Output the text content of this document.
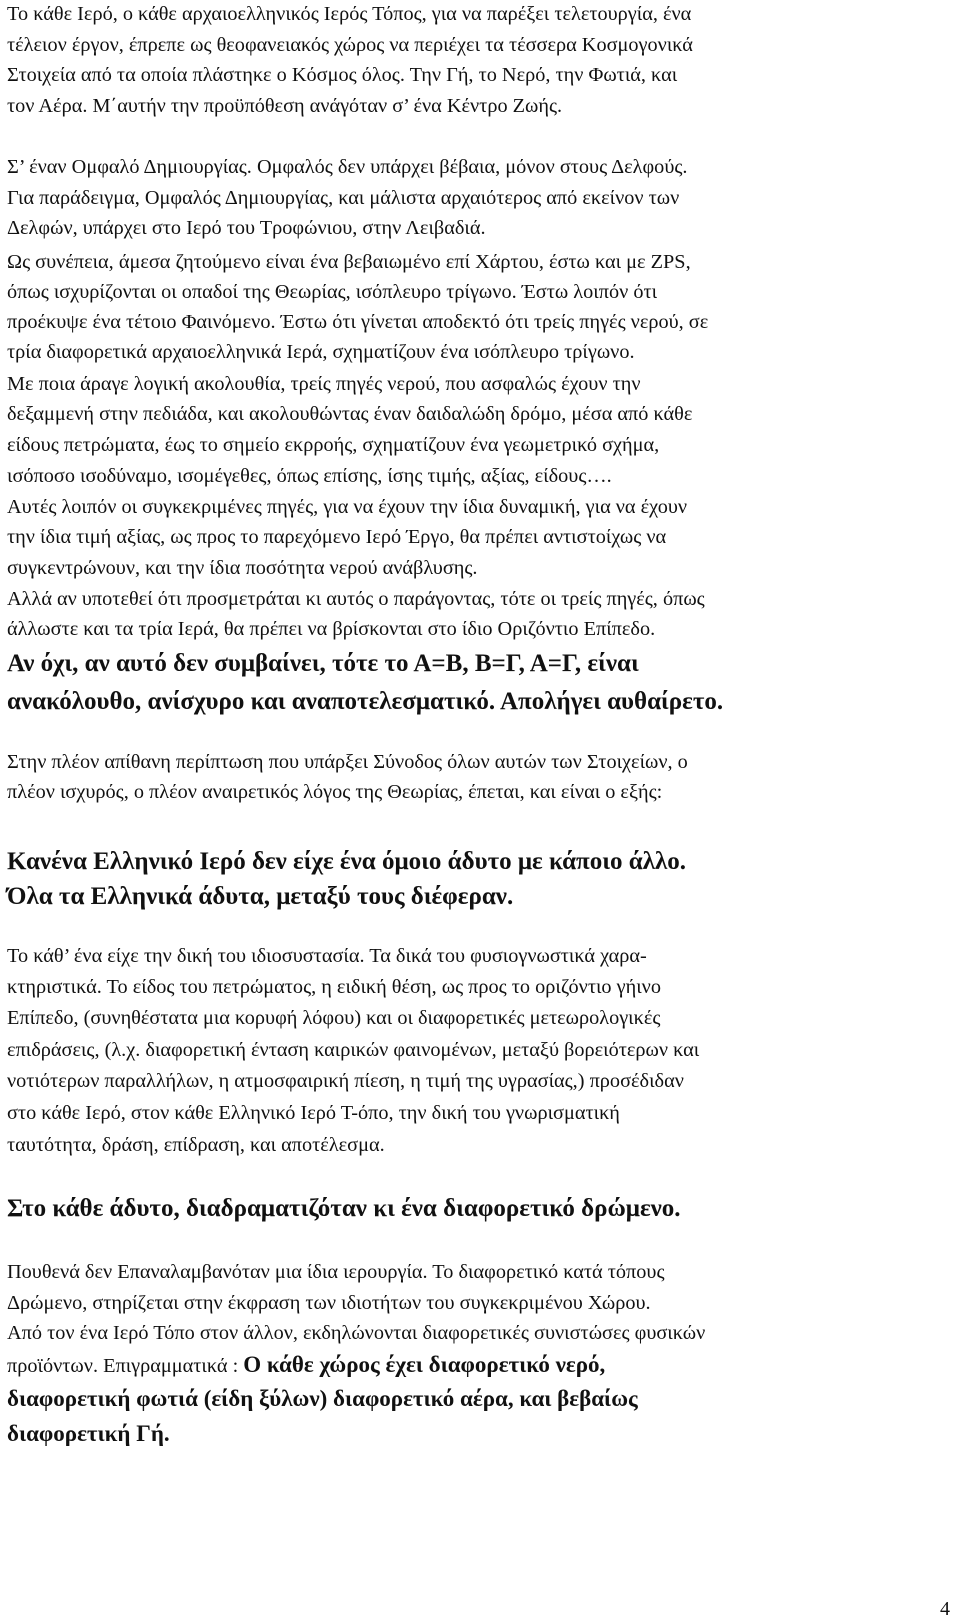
Το κάθε Ιερό, ο κάθε αρχαιοελληνικός Ιερός Τόπος, για να παρέξει τελετουργία, ένα
τέλειον έργον, έπρεπε ως θεοφανειακός χώρος να περιέχει τα τέσσερα Κοσμογονικά
Στοιχεία από τα οποία πλάστηκε ο Κόσμος όλος. Την Γή, το Νερό, την Φωτιά, και
τον Αέρα. Μ΄αυτήν την προϋπόθεση ανάγόταν σ’ ένα Κέντρο Ζωής.
Σ’ έναν Ομφαλό Δημιουργίας. Ομφαλός δεν υπάρχει βέβαια, μόνον στους Δελφούς.
Για παράδειγμα, Ομφαλός Δημιουργίας, και μάλιστα αρχαιότερος από εκείνον των
Δελφών, υπάρχει στο Ιερό του Τροφώνιου, στην Λειβαδιά.
Ως συνέπεια, άμεσα ζητούμενο είναι ένα βεβαιωμένο επί Χάρτου, έστω και με ZPS,
όπως ισχυρίζονται οι οπαδοί της Θεωρίας, ισόπλευρο τρίγωνο. Έστω λοιπόν ότι
προέκυψε ένα τέτοιο Φαινόμενο. Έστω ότι γίνεται αποδεκτό ότι τρείς πηγές νερού, σε
τρία διαφορετικά αρχαιοελληνικά Ιερά, σχηματίζουν ένα ισόπλευρο τρίγωνο.
Με ποια άραγε λογική ακολουθία, τρείς πηγές νερού, που ασφαλώς έχουν την
δεξαμμενή στην πεδιάδα, και ακολουθώντας έναν δαιδαλώδη δρόμο, μέσα από κάθε
είδους πετρώματα, έως το σημείο εκρροής, σχηματίζουν ένα γεωμετρικό σχήμα,
ισόποσο ισοδύναμο, ισομέγεθες, όπως επίσης, ίσης τιμής, αξίας, είδους….
Αυτές λοιπόν οι συγκεκριμένες πηγές, για να έχουν την ίδια δυναμική, για να έχουν
την ίδια τιμή αξίας, ως προς το παρεχόμενο Ιερό Έργο, θα πρέπει αντιστοίχως να
συγκεντρώνουν, και την ίδια ποσότητα νερού ανάβλυσης.
Αλλά αν υποτεθεί ότι προσμετράται κι αυτός ο παράγοντας, τότε οι τρείς πηγές, όπως
άλλωστε και τα τρία Ιερά, θα πρέπει να βρίσκονται στο ίδιο Οριζόντιο Επίπεδο.
Αν όχι, αν αυτό δεν συμβαίνει, τότε το Α=Β, Β=Γ, Α=Γ, είναι
ανακόλουθο, ανίσχυρο και αναποτελεσματικό. Απολήγει αυθαίρετο.
Στην πλέον απίθανη περίπτωση που υπάρξει Σύνοδος όλων αυτών των Στοιχείων, ο
πλέον ισχυρός, ο πλέον αναιρετικός λόγος της Θεωρίας, έπεται, και είναι ο εξής:
Κανένα Ελληνικό Ιερό δεν είχε ένα όμοιο άδυτο με κάποιο άλλο.
Όλα τα Ελληνικά άδυτα, μεταξύ τους διέφεραν.
Το κάθ’ ένα είχε την δική του ιδιοσυστασία. Τα δικά του φυσιογνωστικά χαρα-
κτηριστικά. Το είδος του πετρώματος, η ειδική θέση, ως προς το οριζόντιο γήινο
Επίπεδο, (συνηθέστατα μια κορυφή λόφου) και οι διαφορετικές μετεωρολογικές
επιδράσεις, (λ.χ. διαφορετική ένταση καιρικών φαινομένων, μεταξύ βορειότερων και
νοτιότερων παραλλήλων, η ατμοσφαιρική πίεση, η τιμή της υγρασίας,) προσέδιδαν
στο κάθε Ιερό, στον κάθε Ελληνικό Ιερό Τ-όπο, την δική του γνωρισματική
ταυτότητα, δράση, επίδραση, και αποτέλεσμα.
Στο κάθε άδυτο, διαδραματιζόταν κι ένα διαφορετικό δρώμενο.
Πουθενά δεν Επαναλαμβανόταν μια ίδια ιερουργία. Το διαφορετικό κατά τόπους
Δρώμενο, στηρίζεται στην έκφραση των ιδιοτήτων του συγκεκριμένου Χώρου.
Από τον ένα Ιερό Τόπο στον άλλον, εκδηλώνονται διαφορετικές συνιστώσες φυσικών
προϊόντων. Επιγραμματικά : Ο κάθε χώρος έχει διαφορετικό νερό,
διαφορετική φωτιά (είδη ξύλων) διαφορετικό αέρα, και βεβαίως
διαφορετική Γή.
4
